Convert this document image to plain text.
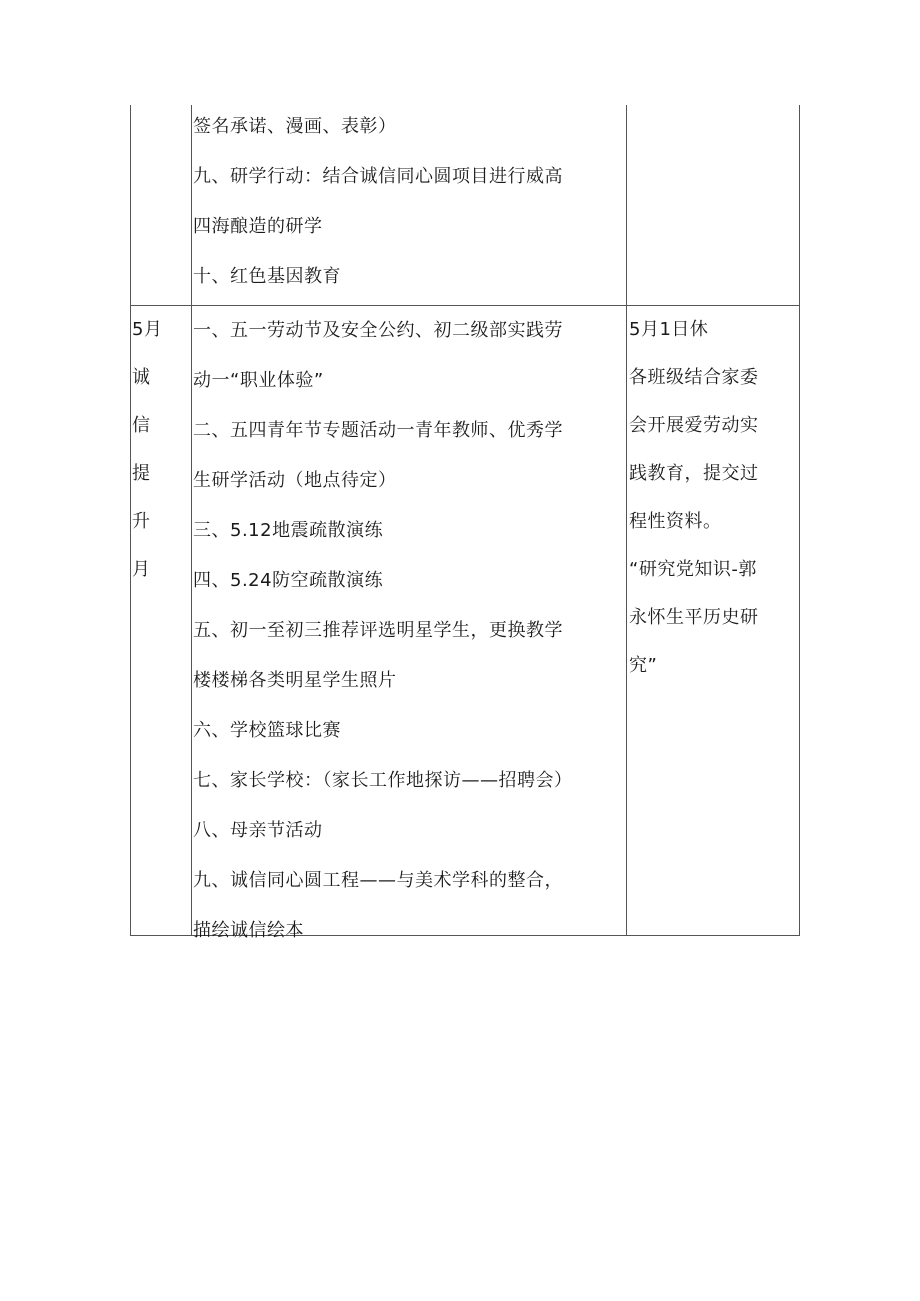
签名承诺、漫画、表彰）
九、研学行动：结合诚信同心圆项目进行威高
四海酿造的研学
十、红色基因教育
5月
诚
信
提
升
月
一、五一劳动节及安全公约、初二级部实践劳
动一“职业体验”
二、五四青年节专题活动一青年教师、优秀学
生研学活动（地点待定）
三、5.12地震疏散演练
四、5.24防空疏散演练
五、初一至初三推荐评选明星学生，更换教学
楼楼梯各类明星学生照片
六、学校篮球比赛
七、家长学校：（家长工作地探访——招聘会）
八、母亲节活动
九、诚信同心圆工程——与美术学科的整合，
描绘诚信绘本
5月1日休
各班级结合家委
会开展爱劳动实
践教育，提交过
程性资料。
“研究党知识-郭
永怀生平历史研
究”
